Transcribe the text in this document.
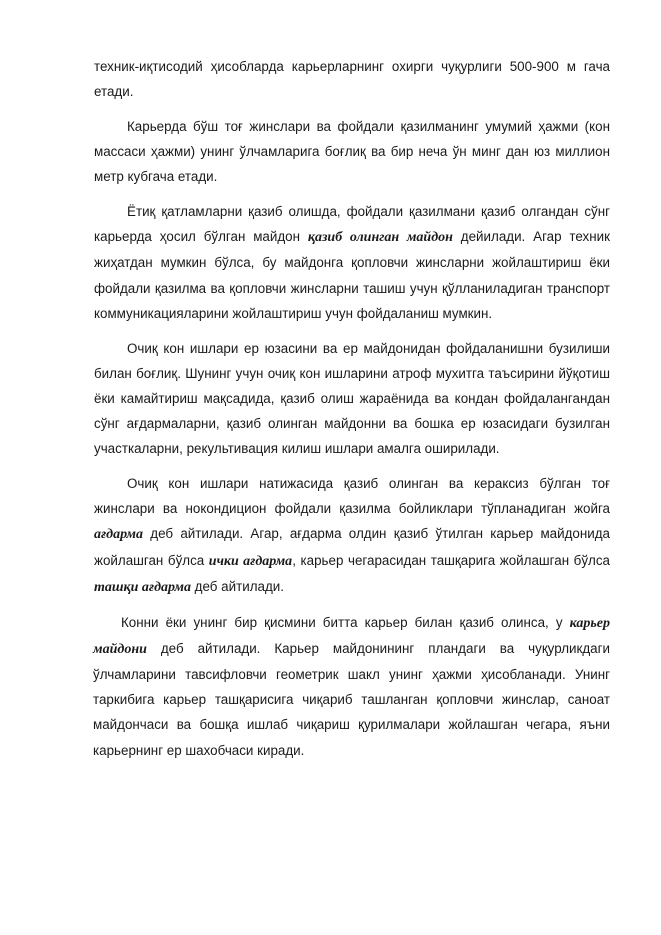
техник-иқтисодий ҳисобларда карьерларнинг охирги чуқурлиги 500-900 м гача етади.

Карьерда бўш тоғ жинслари ва фойдали қазилманинг умумий ҳажми (кон массаси ҳажми) унинг ўлчамларига боғлиқ ва бир неча ўн минг дан юз миллион метр кубгача етади.

Ётиқ қатламларни қазиб олишда, фойдали қазилмани қазиб олгандан сўнг карьерда ҳосил бўлган майдон қазиб олинган майдон дейилади. Агар техник жиҳатдан мумкин бўлса, бу майдонга қопловчи жинсларни жойлаштириш ёки фойдали қазилма ва қопловчи жинсларни ташиш учун қўлланиладиган транспорт коммуникацияларини жойлаштириш учун фойдаланиш мумкин.

Очиқ кон ишлари ер юзасини ва ер майдонидан фойдаланишни бузилиши билан боғлиқ. Шунинг учун очиқ кон ишларини атроф мухитга таъсирини йўқотиш ёки камайтириш мақсадида, қазиб олиш жараёнида ва кондан фойдалангандан сўнг ағдармаларни, қазиб олинган майдонни ва бошка ер юзасидаги бузилган участкаларни, рекультивация килиш ишлари амалга оширилади.

Очиқ кон ишлари натижасида қазиб олинган ва кераксиз бўлган тоғ жинслари ва нокондицион фойдали қазилма бойликлари тўпланадиган жойга ағдарма деб айтилади. Агар, ағдарма олдин қазиб ўтилган карьер майдонида жойлашган бўлса ички ағдарма, карьер чегарасидан ташқарига жойлашган бўлса ташқи ағдарма деб айтилади.

Конни ёки унинг бир қисмини битта карьер билан қазиб олинса, у карьер майдони деб айтилади. Карьер майдонининг пландаги ва чуқурликдаги ўлчамларини тавсифловчи геометрик шакл унинг ҳажми ҳисобланади. Унинг таркибига карьер ташқарисига чиқариб ташланган қопловчи жинслар, саноат майдончаси ва бошқа ишлаб чиқариш қурилмалари жойлашган чегара, яъни карьернинг ер шахобчаси киради.
